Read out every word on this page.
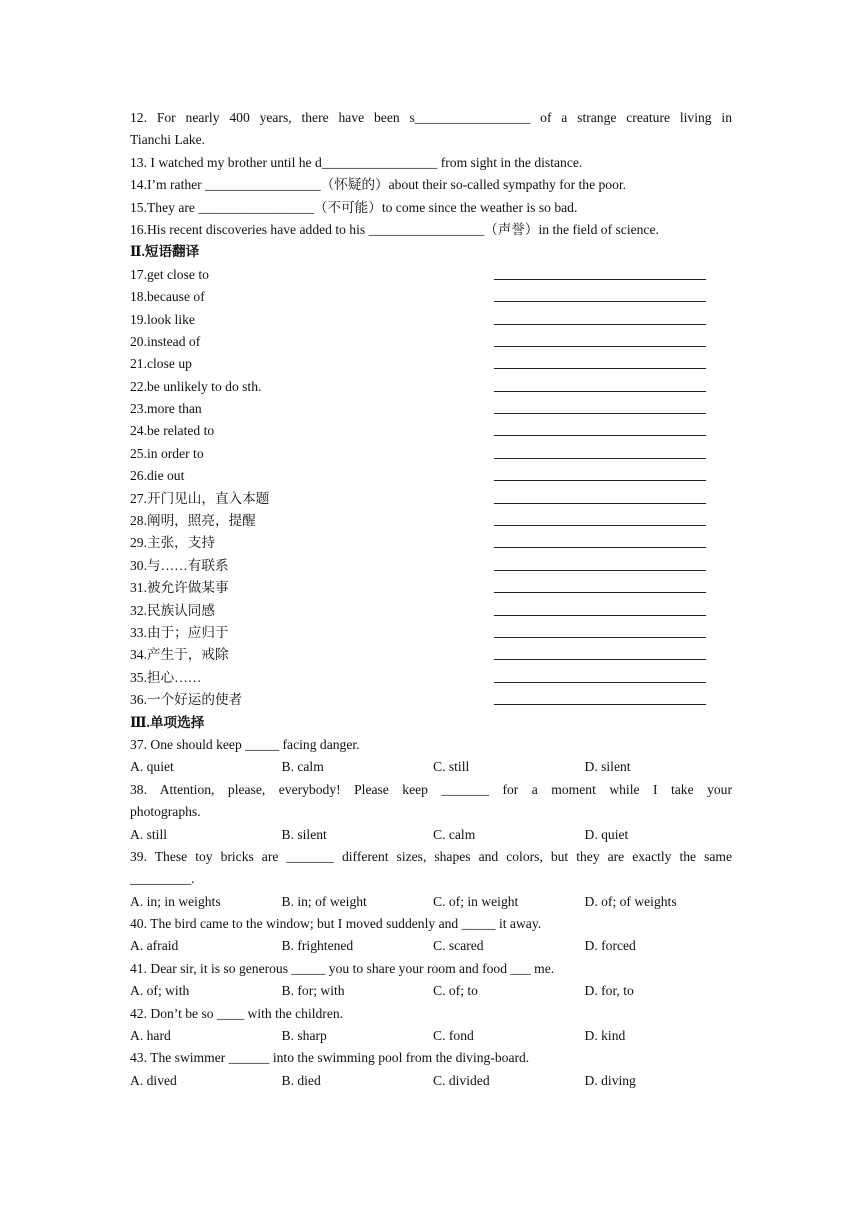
12. For nearly 400 years, there have been s_________________ of a strange creature living in
Tianchi Lake.
13. I watched my brother until he d_________________ from sight in the distance.
14.I’m rather _________________（怀疑的）about their so-called sympathy for the poor.
15.They are _________________（不可能）to come since the weather is so bad.
16.His recent discoveries have added to his _________________（声誉）in the field of science.
Ⅱ.短语翻译
17.get close to
18.because of
19.look like
20.instead of
21.close up
22.be unlikely to do sth.
23.more than
24.be related to
25.in order to
26.die out
27.开门见山，直入本题
28.阐明，照亮，提醒
29.主张，支持
30.与……有联系
31.被允许做某事
32.民族认同感
33.由于；应归于
34.产生于，戒除
35.担心……
36.一个好运的使者
Ⅲ.单项选择
37. One should keep _____ facing danger.
A. quiet	B. calm	C. still	D. silent
38. Attention, please, everybody! Please keep _______ for a moment while I take your
photographs.
A. still	B. silent	C. calm	D. quiet
39. These toy bricks are _______ different sizes, shapes and colors, but they are exactly the same
_________.
A. in; in weights	B. in; of weight	C. of; in weight	D. of; of weights
40. The bird came to the window; but I moved suddenly and _____ it away.
A. afraid	B. frightened	C. scared	D. forced
41. Dear sir, it is so generous _____ you to share your room and food ___ me.
A. of; with	B. for; with	C. of; to	D. for, to
42. Don’t be so ____ with the children.
A. hard	B. sharp	C. fond	D. kind
43. The swimmer ______ into the swimming pool from the diving-board.
A. dived	B. died	C. divided	D. diving
